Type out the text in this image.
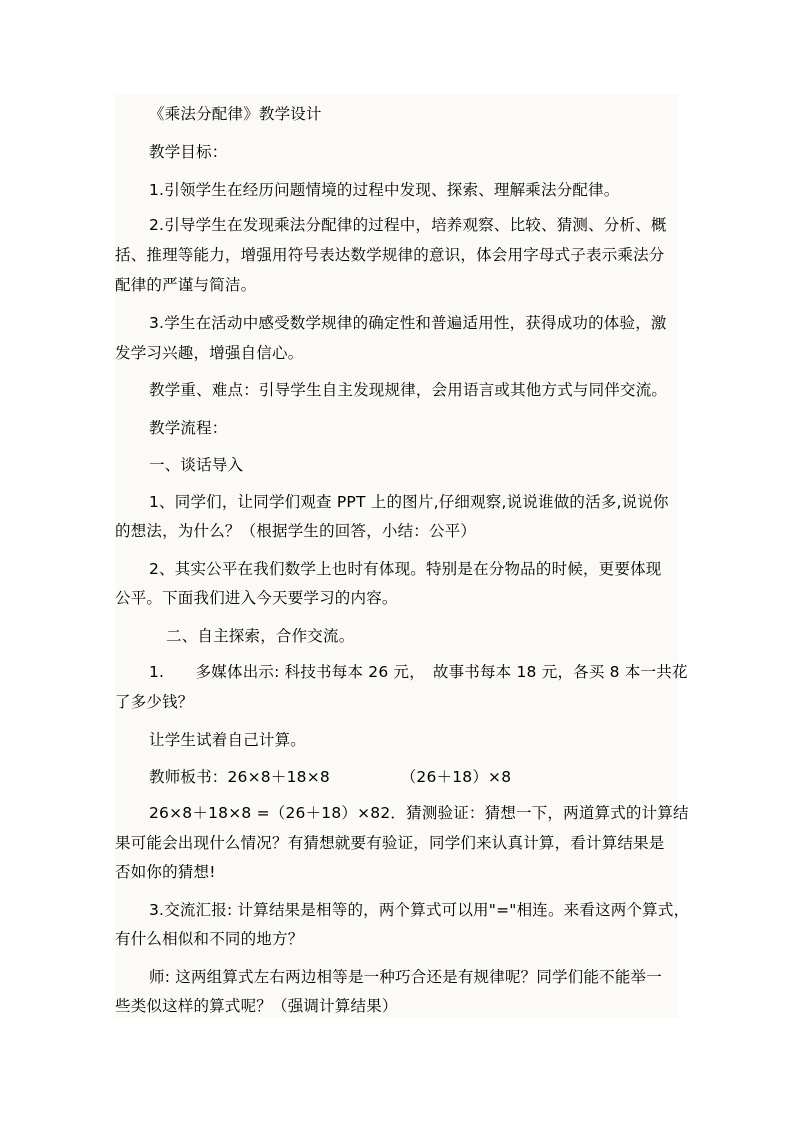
《乘法分配律》教学设计
教学目标：
1.引领学生在经历问题情境的过程中发现、探索、理解乘法分配律。
2.引导学生在发现乘法分配律的过程中，培养观察、比较、猜测、分析、概
括、推理等能力，增强用符号表达数学规律的意识，体会用字母式子表示乘法分
配律的严谨与简洁。
3.学生在活动中感受数学规律的确定性和普遍适用性，获得成功的体验，激
发学习兴趣，增强自信心。
教学重、难点：引导学生自主发现规律，会用语言或其他方式与同伴交流。
教学流程：
一、谈话导入
1、同学们，让同学们观查 PPT 上的图片,仔细观察,说说谁做的活多,说说你
的想法，为什么？（根据学生的回答，小结：公平）
2、其实公平在我们数学上也时有体现。特别是在分物品的时候，更要体现
公平。下面我们进入今天要学习的内容。
二、自主探索，合作交流。
1.　　多媒体出示: 科技书每本 26 元，　故事书每本 18 元，各买 8 本一共花
了多少钱？
让学生试着自己计算。
教师板书：26×8＋18×8　　　　　（26＋18）×8
26×8＋18×8 =（26＋18）×82．猜测验证：猜想一下，两道算式的计算结
果可能会出现什么情况？有猜想就要有验证，同学们来认真计算，看计算结果是
否如你的猜想!
3.交流汇报: 计算结果是相等的，两个算式可以用"="相连。来看这两个算式，
有什么相似和不同的地方？
师: 这两组算式左右两边相等是一种巧合还是有规律呢？同学们能不能举一
些类似这样的算式呢？（强调计算结果）
